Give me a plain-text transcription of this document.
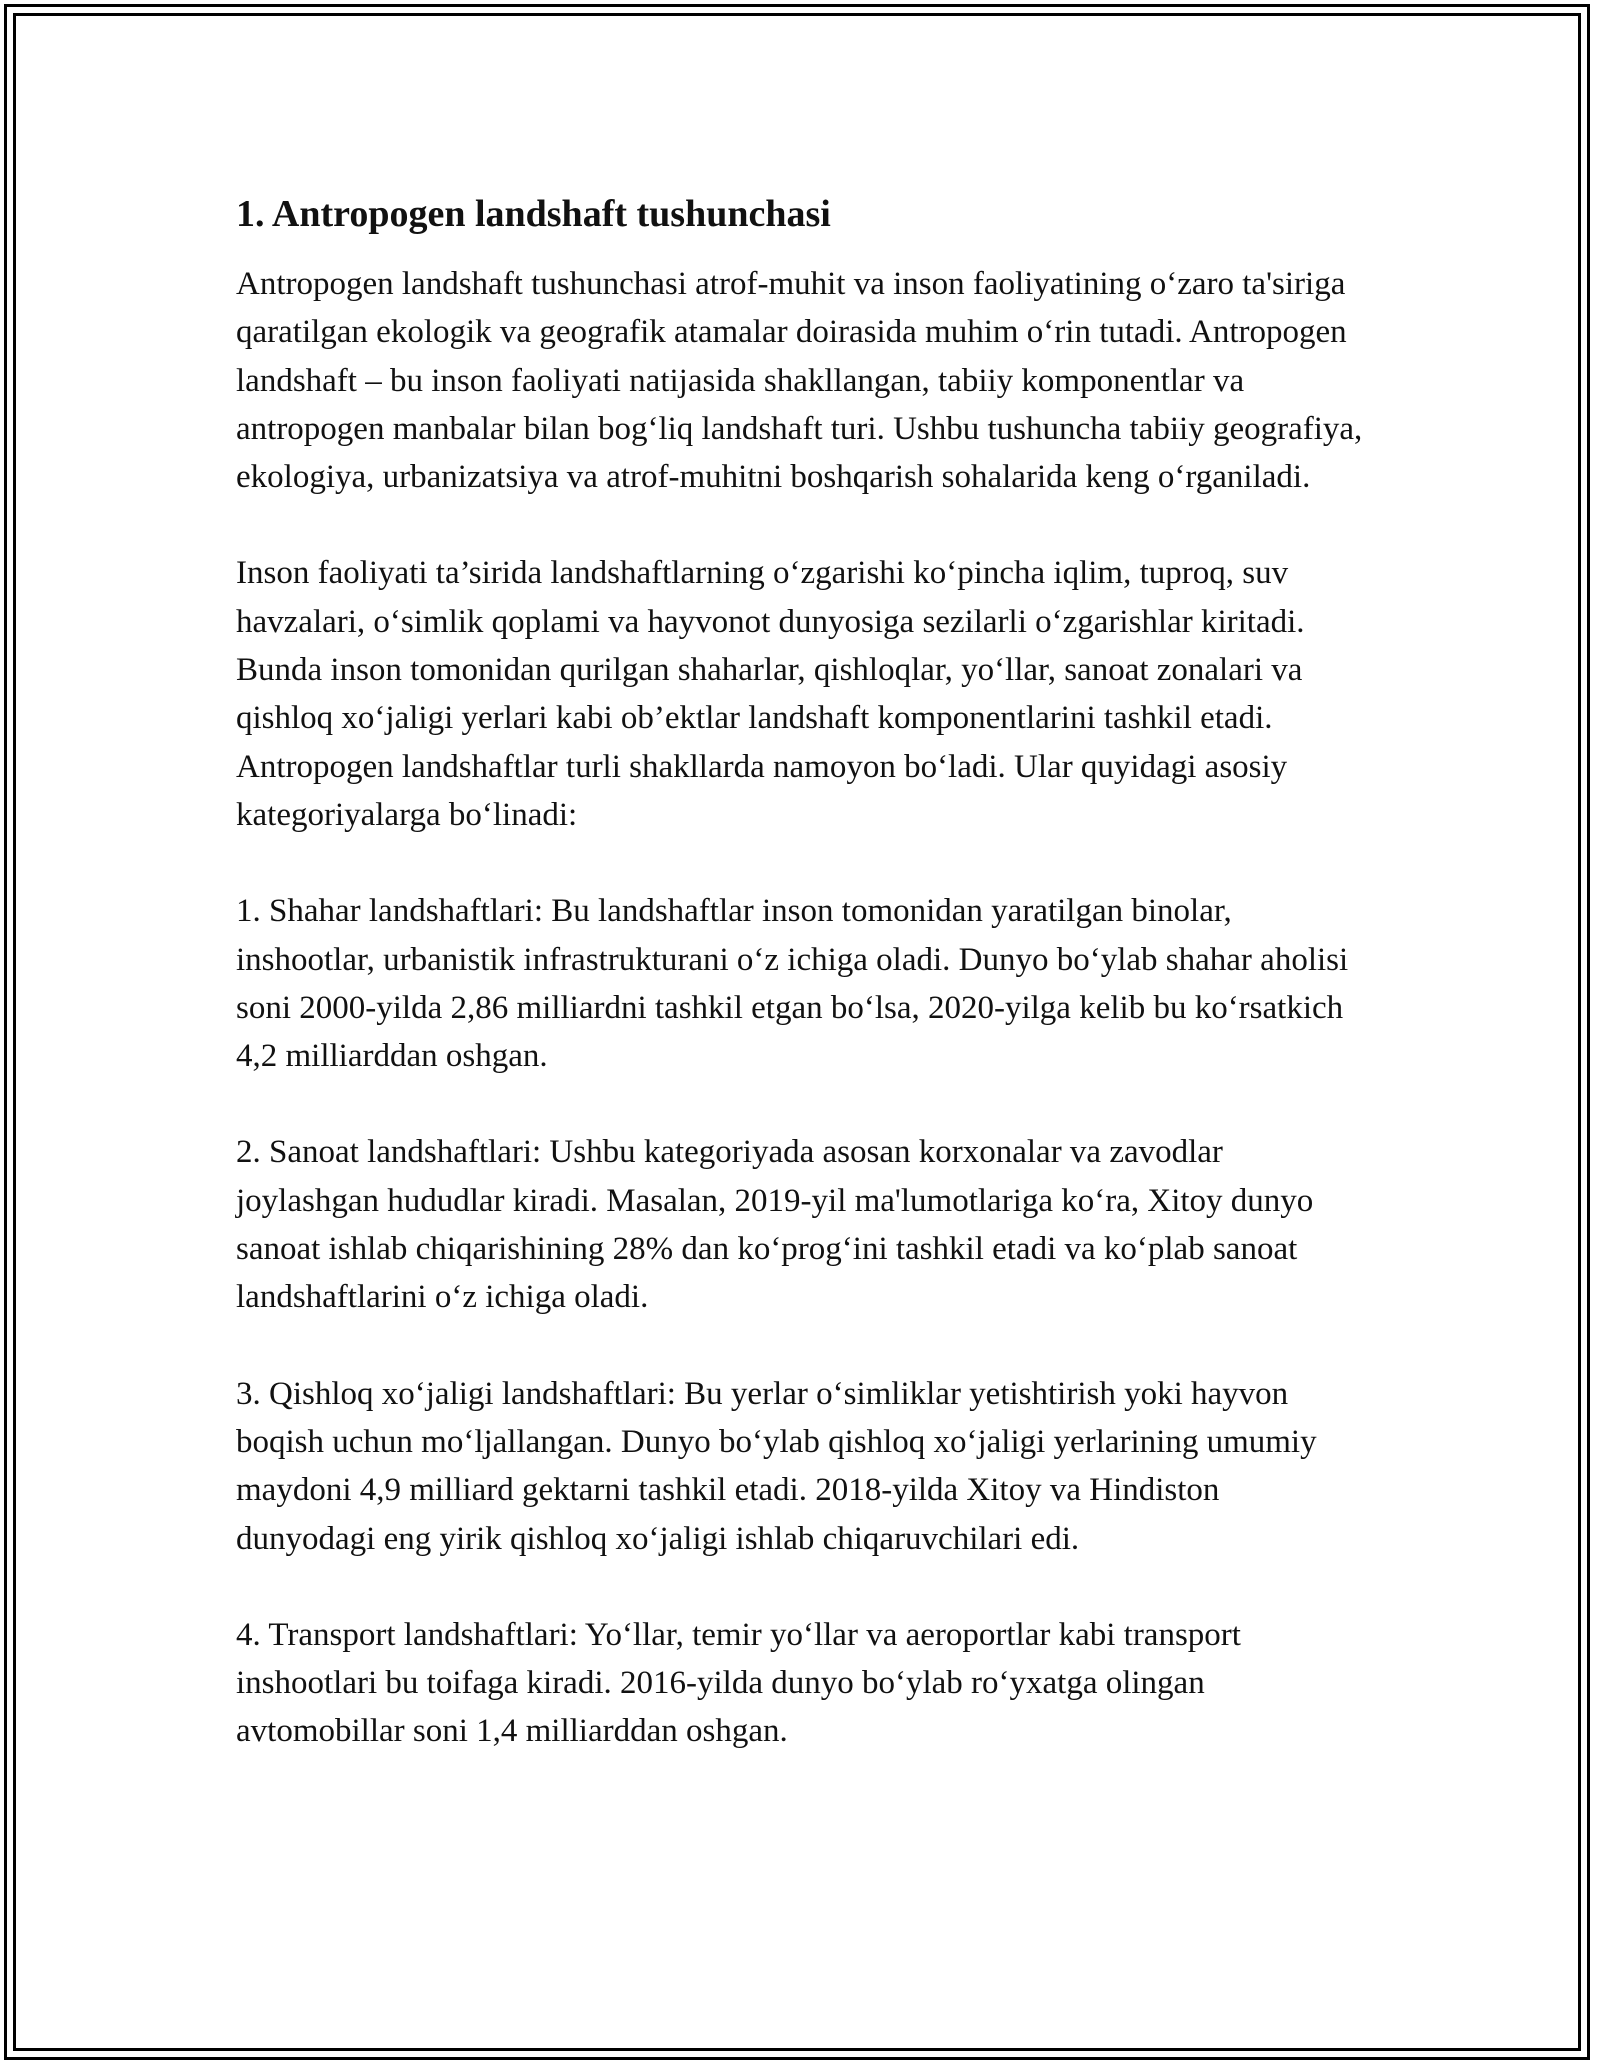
1. Antropogen landshaft tushunchasi

Antropogen landshaft tushunchasi atrof-muhit va inson faoliyatining o‘zaro ta'siriga qaratilgan ekologik va geografik atamalar doirasida muhim o‘rin tutadi. Antropogen landshaft – bu inson faoliyati natijasida shakllangan, tabiiy komponentlar va antropogen manbalar bilan bog‘liq landshaft turi. Ushbu tushuncha tabiiy geografiya, ekologiya, urbanizatsiya va atrof-muhitni boshqarish sohalarida keng o‘rganiladi.

Inson faoliyati ta’sirida landshaftlarning o‘zgarishi ko‘pincha iqlim, tuproq, suv havzalari, o‘simlik qoplami va hayvonot dunyosiga sezilarli o‘zgarishlar kiritadi. Bunda inson tomonidan qurilgan shaharlar, qishloqlar, yo‘llar, sanoat zonalari va qishloq xo‘jaligi yerlari kabi ob’ektlar landshaft komponentlarini tashkil etadi. Antropogen landshaftlar turli shakllarda namoyon bo‘ladi. Ular quyidagi asosiy kategoriyalarga bo‘linadi:

1. Shahar landshaftlari: Bu landshaftlar inson tomonidan yaratilgan binolar, inshootlar, urbanistik infrastrukturani o‘z ichiga oladi. Dunyo bo‘ylab shahar aholisi soni 2000-yilda 2,86 milliardni tashkil etgan bo‘lsa, 2020-yilga kelib bu ko‘rsatkich 4,2 milliarddan oshgan.

2. Sanoat landshaftlari: Ushbu kategoriyada asosan korxonalar va zavodlar joylashgan hududlar kiradi. Masalan, 2019-yil ma'lumotlariga ko‘ra, Xitoy dunyo sanoat ishlab chiqarishining 28% dan ko‘prog‘ini tashkil etadi va ko‘plab sanoat landshaftlarini o‘z ichiga oladi.

3. Qishloq xo‘jaligi landshaftlari: Bu yerlar o‘simliklar yetishtirish yoki hayvon boqish uchun mo‘ljallangan. Dunyo bo‘ylab qishloq xo‘jaligi yerlarining umumiy maydoni 4,9 milliard gektarni tashkil etadi. 2018-yilda Xitoy va Hindiston dunyodagi eng yirik qishloq xo‘jaligi ishlab chiqaruvchilari edi.

4. Transport landshaftlari: Yo‘llar, temir yo‘llar va aeroportlar kabi transport inshootlari bu toifaga kiradi. 2016-yilda dunyo bo‘ylab ro‘yxatga olingan avtomobillar soni 1,4 milliarddan oshgan.
